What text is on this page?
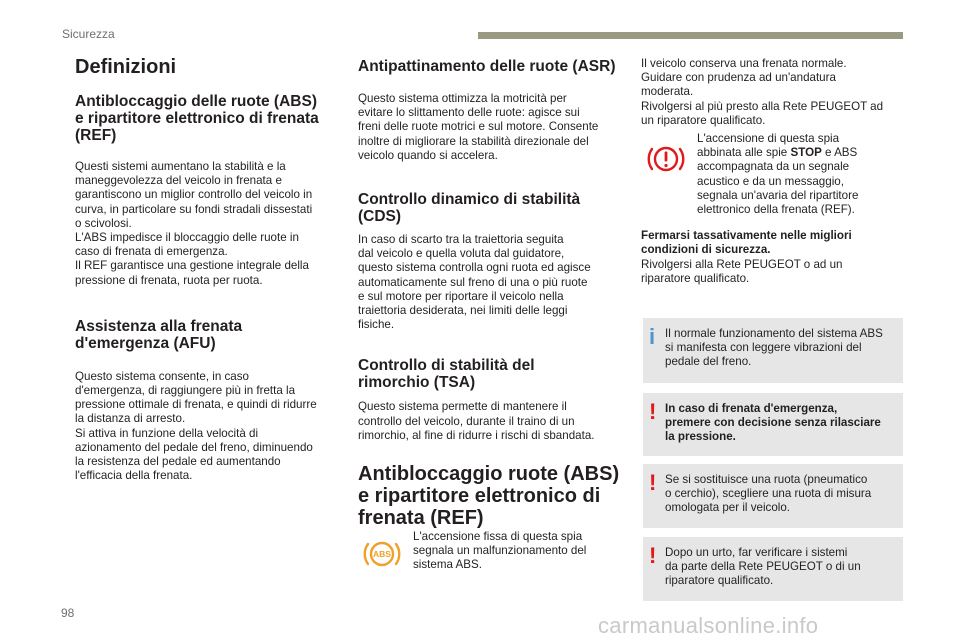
Sicurezza
Definizioni
Antibloccaggio delle ruote (ABS)
e ripartitore elettronico di frenata
(REF)

Questi sistemi aumentano la stabilità e la
maneggevolezza del veicolo in frenata e
garantiscono un miglior controllo del veicolo in
curva, in particolare su fondi stradali dissestati
o scivolosi.
L'ABS impedisce il bloccaggio delle ruote in
caso di frenata di emergenza.
Il REF garantisce una gestione integrale della
pressione di frenata, ruota per ruota.

Assistenza alla frenata
d'emergenza (AFU)

Questo sistema consente, in caso
d'emergenza, di raggiungere più in fretta la
pressione ottimale di frenata, e quindi di ridurre
la distanza di arresto.
Si attiva in funzione della velocità di
azionamento del pedale del freno, diminuendo
la resistenza del pedale ed aumentando
l'efficacia della frenata.

Antipattinamento delle ruote (ASR)

Questo sistema ottimizza la motricità per
evitare lo slittamento delle ruote: agisce sui
freni delle ruote motrici e sul motore. Consente
inoltre di migliorare la stabilità direzionale del
veicolo quando si accelera.

Controllo dinamico di stabilità
(CDS)

In caso di scarto tra la traiettoria seguita
dal veicolo e quella voluta dal guidatore,
questo sistema controlla ogni ruota ed agisce
automaticamente sul freno di una o più ruote
e sul motore per riportare il veicolo nella
traiettoria desiderata, nei limiti delle leggi
fisiche.

Controllo di stabilità del
rimorchio (TSA)

Questo sistema permette di mantenere il
controllo del veicolo, durante il traino di un
rimorchio, al fine di ridurre i rischi di sbandata.

Antibloccaggio ruote (ABS)
e ripartitore elettronico di
frenata (REF)
ABS

L'accensione fissa di questa spia
segnala un malfunzionamento del
sistema ABS.

Il veicolo conserva una frenata normale.
Guidare con prudenza ad un'andatura
moderata.
Rivolgersi al più presto alla Rete PEUGEOT ad
un riparatore qualificato.

L'accensione di questa spia
abbinata alle spie STOP e ABS
accompagnata da un segnale
acustico e da un messaggio,
segnala un'avaria del ripartitore
elettronico della frenata (REF).

Fermarsi tassativamente nelle migliori
condizioni di sicurezza.

Rivolgersi alla Rete PEUGEOT o ad un
riparatore qualificato.

i Il normale funzionamento del sistema ABS
si manifesta con leggere vibrazioni del
pedale del freno.

! In caso di frenata d'emergenza,
premere con decisione senza rilasciare
la pressione.

! Se si sostituisce una ruota (pneumatico
o cerchio), scegliere una ruota di misura
omologata per il veicolo.

! Dopo un urto, far verificare i sistemi
da parte della Rete PEUGEOT o di un
riparatore qualificato.

98	carmanualsonline.info
